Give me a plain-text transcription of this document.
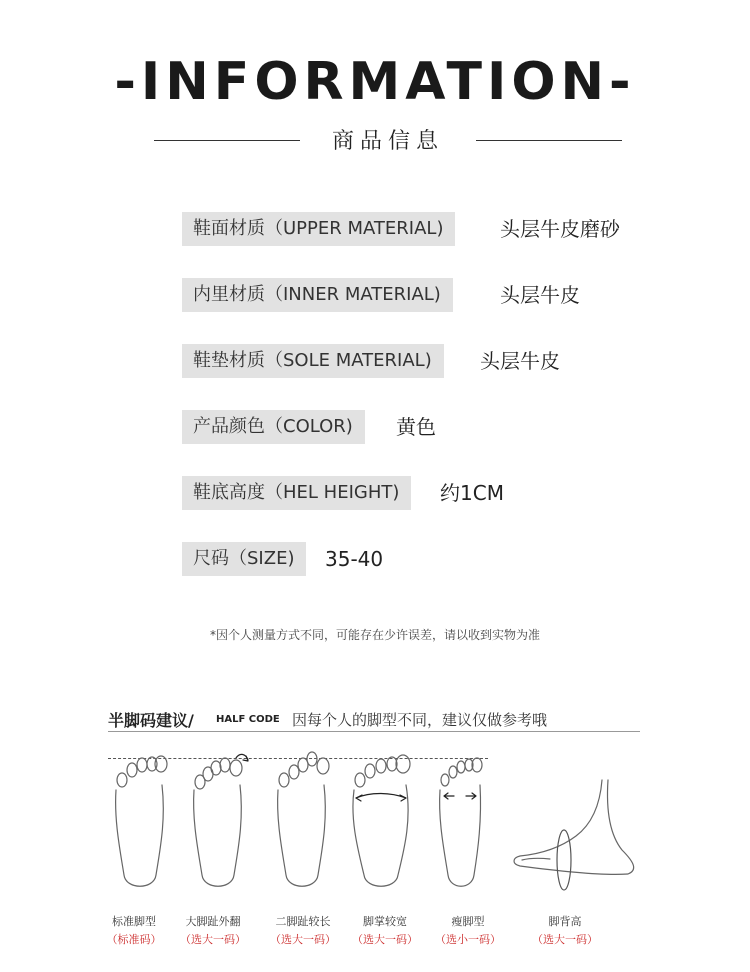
-INFORMATION-
商品信息
鞋面材质（UPPER MATERIAL)	头层牛皮磨砂
内里材质（INNER MATERIAL)	头层牛皮
鞋垫材质（SOLE MATERIAL)	头层牛皮
产品颜色（COLOR)	黄色
鞋底高度（HEL HEIGHT)	约1CM
尺码（SIZE)	35-40
*因个人测量方式不同，可能存在少许误差，请以收到实物为准
半脚码建议/ HALF CODE 因每个人的脚型不同，建议仅做参考哦
标准脚型
（标准码）
大脚趾外翻
（选大一码）
二脚趾较长
（选大一码）
脚掌较宽
（选大一码）
瘦脚型
（选小一码）
脚背高
（选大一码）
